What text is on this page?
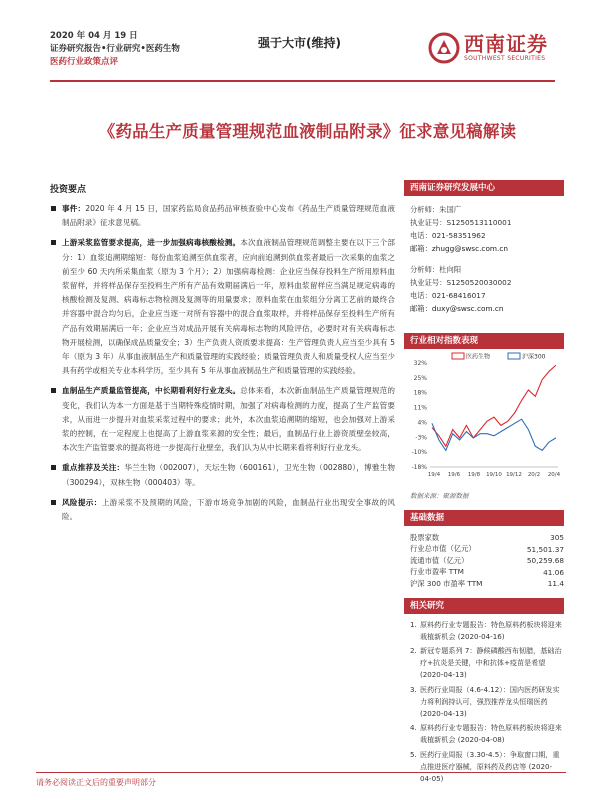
2020 年 04 月 19 日
证券研究报告•行业研究•医药生物
医药行业政策点评
强于大市(维持)	西南证券
SOUTHWEST SECURITIES
《药品生产质量管理规范血液制品附录》征求意见稿解读
投资要点
事件：2020 年 4 月 15 日，国家药监局食品药品审核查验中心发布《药品生产质量管理规范血液制品附录》征求意见稿。
上游采浆监管要求提高，进一步加强病毒核酸检测。本次血液制品管理规范调整主要在以下三个部分：1）血浆追溯期缩短：每份血浆追溯至供血浆者，应向前追溯到供血浆者最后一次采集的血浆之前至少 60 天内所采集血浆（原为 3 个月）；2）加强病毒检测：企业应当保存投料生产所用原料血浆留样，并将样品保存至投料生产所有产品有效期届满后一年，原料血浆留样应当满足规定病毒的核酸检测及复测、病毒标志物检测及复测等的用量要求；原料血浆在血浆组分分离工艺前的最终合并容器中混合均匀后，企业应当逐一对所有容器中的混合血浆取样，并将样品保存至投料生产所有产品有效期届满后一年；企业应当对成品开展有关病毒标志物的风险评估，必要时对有关病毒标志物开展检测，以确保成品质量安全；3）生产负责人资质要求提高：生产管理负责人应当至少具有 5 年（原为 3 年）从事血液制品生产和质量管理的实践经验；质量管理负责人和质量受权人应当至少具有药学或相关专业本科学历，至少具有 5 年从事血液制品生产和质量管理的实践经验。
血制品生产质量监管提高，中长期看利好行业龙头。总体来看，本次新血制品生产质量管理规范的变化，我们认为本一方面是基于当期特殊疫情时期，加强了对病毒检测的力度，提高了生产监管要求，从而进一步提升对血浆采浆过程中的要求；此外，本次血浆追溯期的缩短，也会加强对上游采浆的控制，在一定程度上也提高了上游血浆来源的安全性；最后，血制品行业上游资质壁垒较高，本次生产监管要求的提高将进一步提高行业壁垒，我们认为从中长期来看将利好行业龙头。
重点推荐及关注：华兰生物（002007），天坛生物（600161），卫光生物（002880），博雅生物（300294），双林生物（000403）等。
风险提示：上游采浆不及预期的风险，下游市场竞争加剧的风险，血制品行业出现安全事故的风险。
西南证券研究发展中心
分析师：朱国广
执业证号：S1250513110001
电话：021-58351962
邮箱：zhugg@swsc.com.cn
分析师：杜向阳
执业证号：S1250520030002
电话：021-68416017
邮箱：duxy@swsc.com.cn
行业相对指数表现
32%
25%
18%
11%
4%
-3%
-10%
-18%
19/4 19/6 19/8 19/10 19/12 20/2 20/4
医药生物	沪深300
数据来源：聚源数据
基础数据
股票家数	305
行业总市值（亿元）	51,501.37
流通市值（亿元）	50,259.68
行业市盈率 TTM	41.06
沪深 300 市盈率 TTM	11.4
相关研究
1. 原料药行业专题报告：特色原料药板块将迎来栽植新机会 (2020-04-16)
2. 新冠专题系列 7：静候磷酸西布韧腊，基础治疗+抗炎是关键，中和抗体+疫苗是希望 (2020-04-13)
3. 医药行业周报（4.6-4.12）：国内医药研发实力将利润持认可，强烈推荐龙头恒瑞医药 (2020-04-13)
4. 原料药行业专题报告：特色原料药板块将迎来栽植新机会 (2020-04-08)
5. 医药行业周报（3.30-4.5）：争取窗口期，重点推进医疗器械，原料药及药店等 (2020-04-05)
请务必阅读正文后的重要声明部分
